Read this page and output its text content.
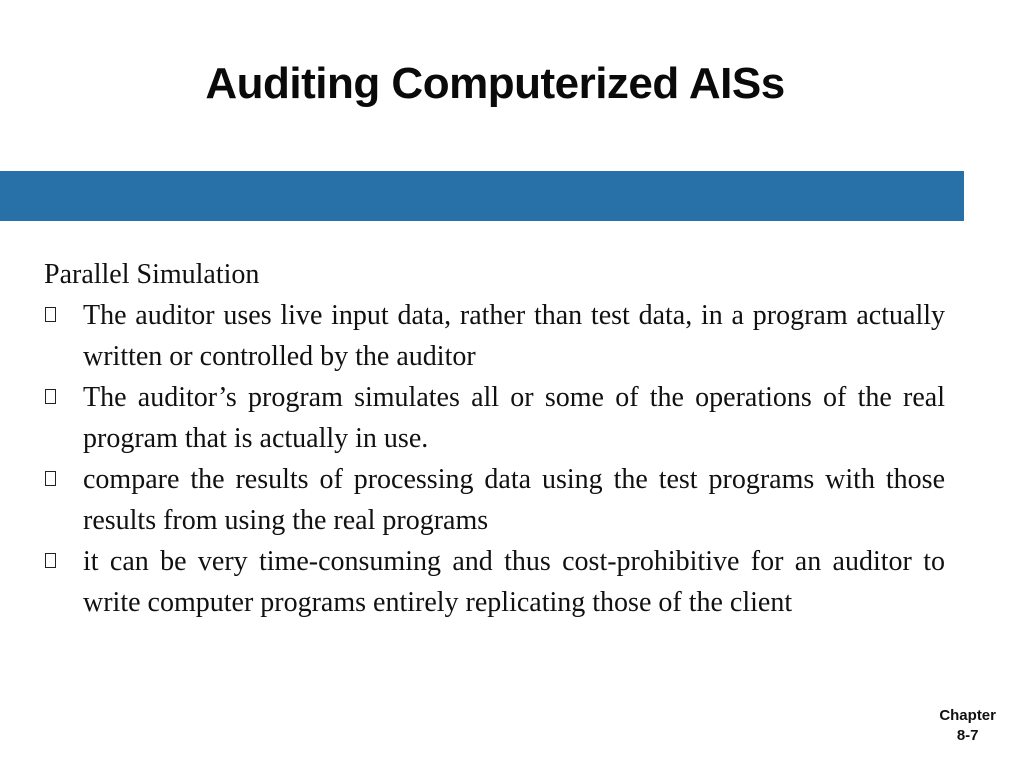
Auditing Computerized AISs

Parallel Simulation

The auditor uses live input data, rather than test data, in a program actually written or controlled by the auditor
The auditor’s program simulates all or some of the operations of the real program that is actually in use.
compare the results of processing data using the test programs with those results from using the real programs
it can be very time-consuming and thus cost-prohibitive for an auditor to write computer programs entirely replicating those of the client
Chapter
8-7
